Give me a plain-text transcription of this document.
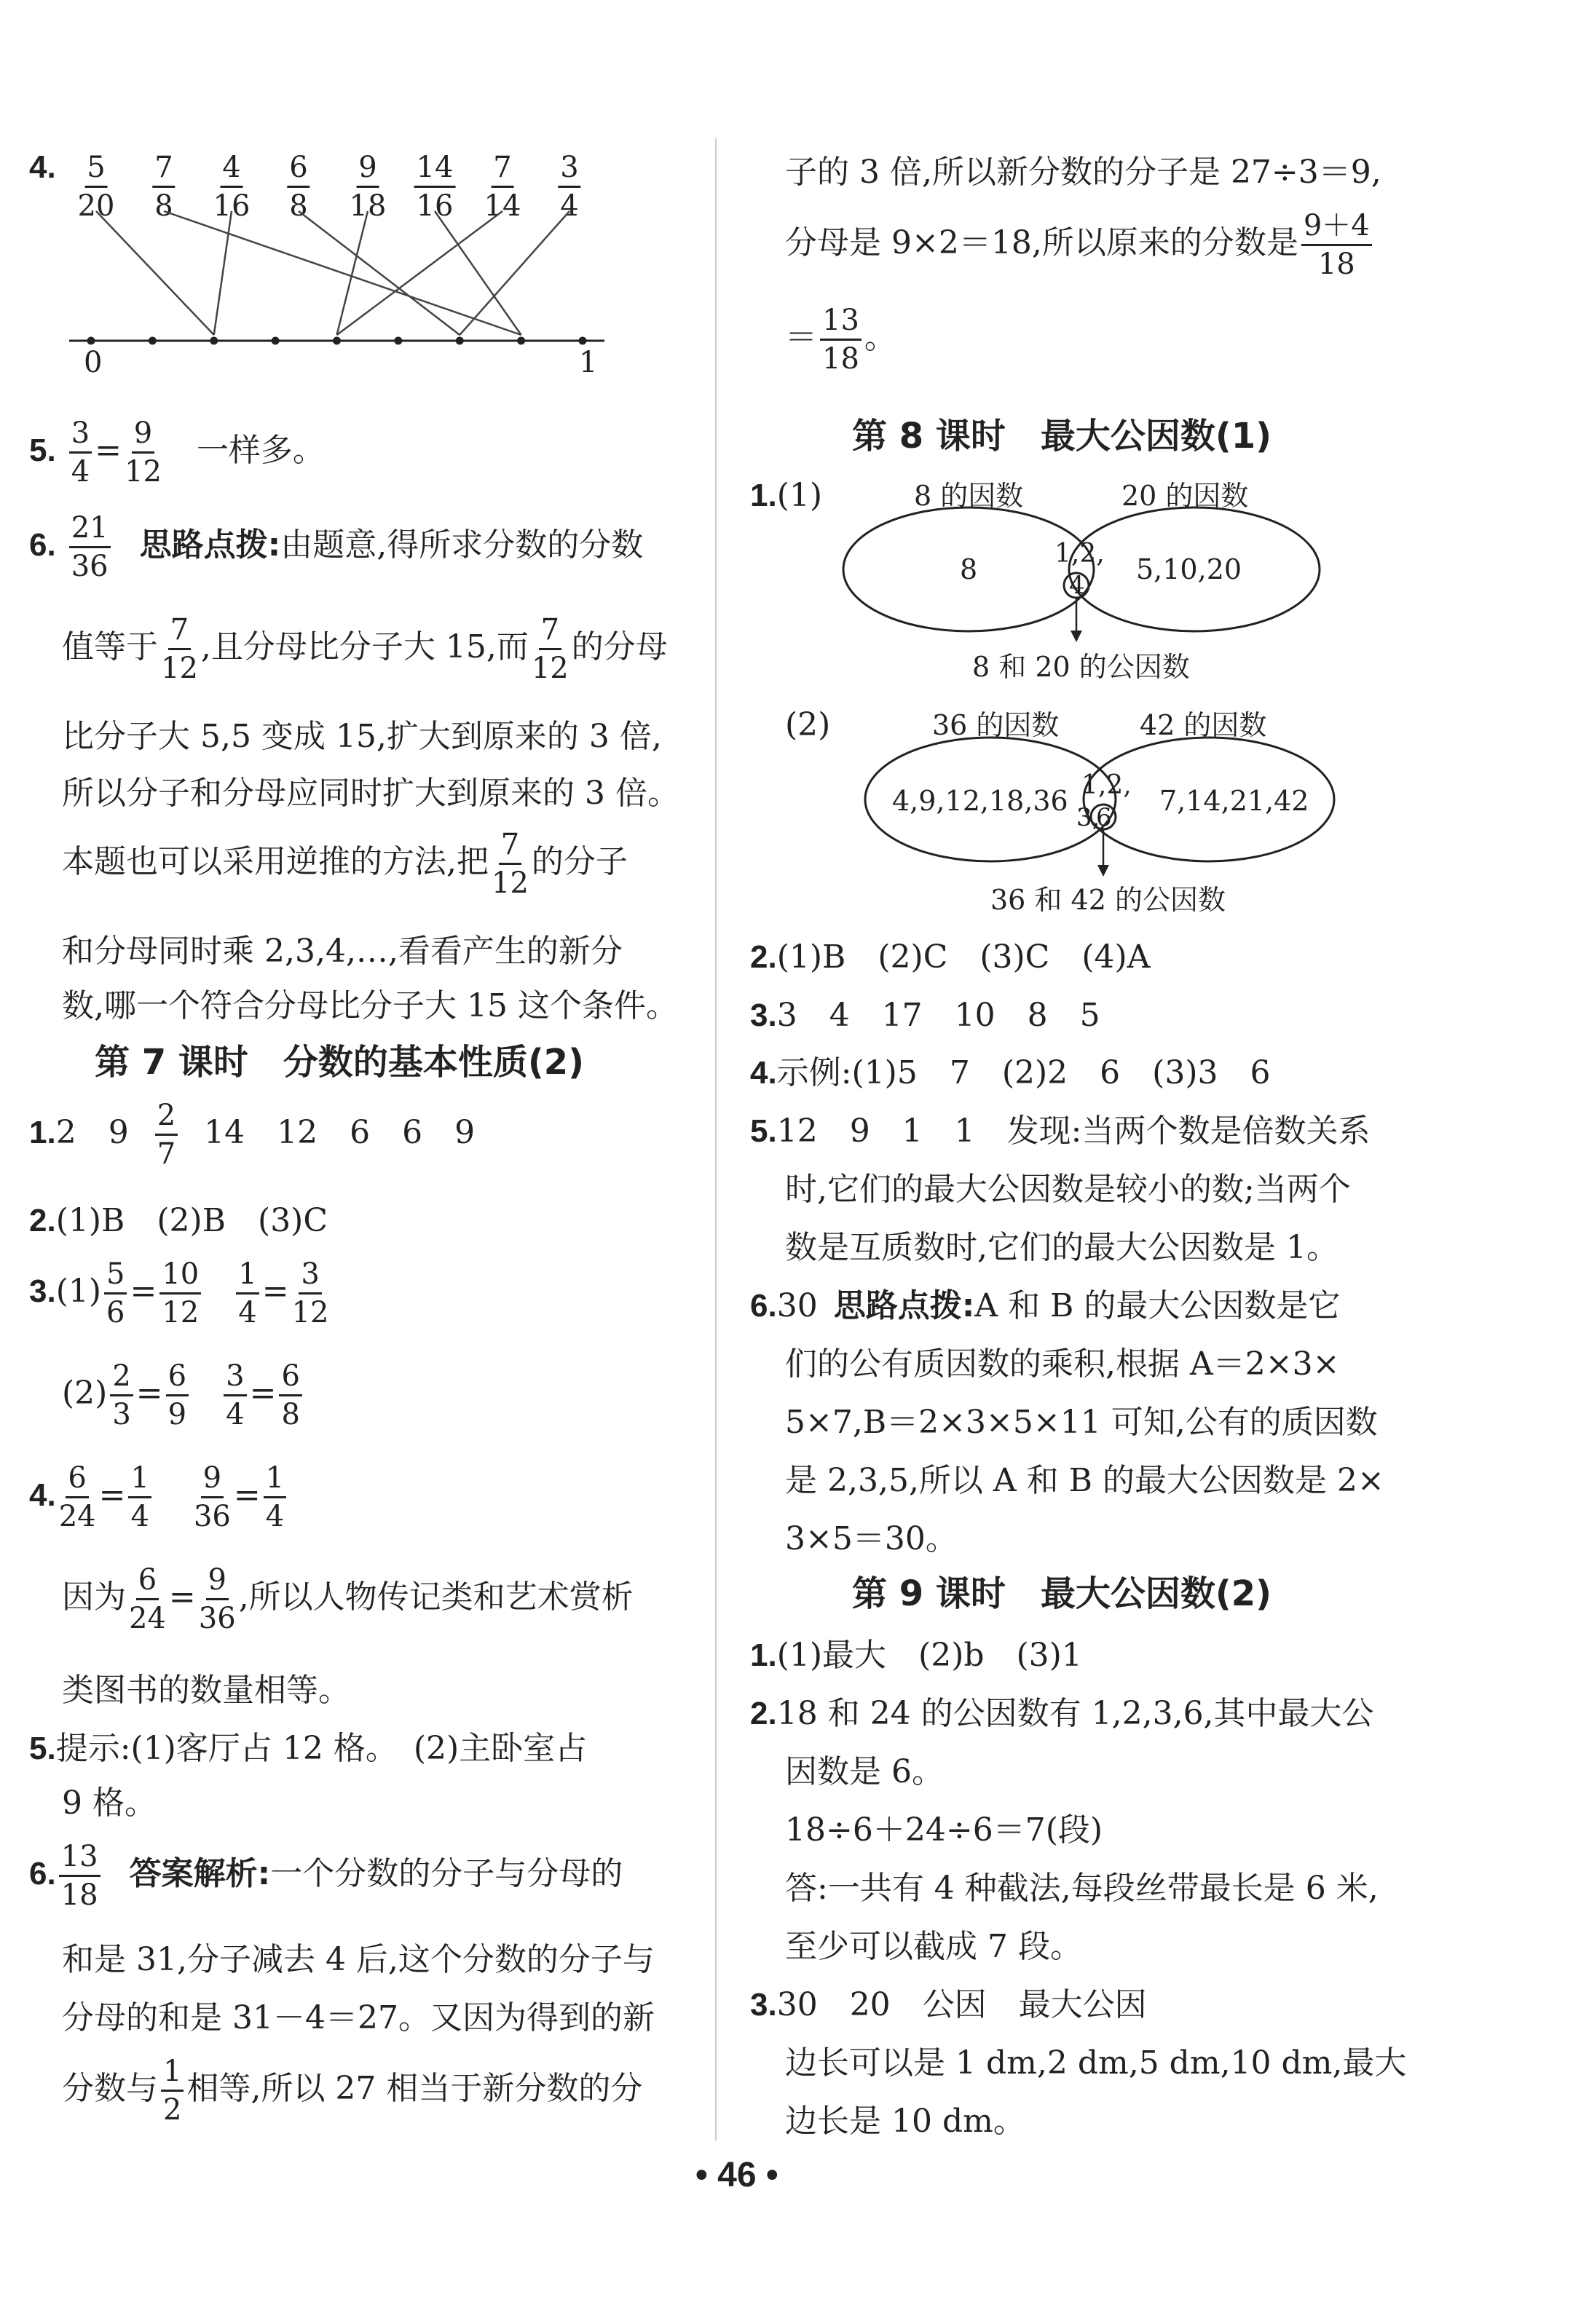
4. 5
20
7
8
4
16
6
8
9
18
14
16
7
14
3
4
0	1
5. $\frac{3}{4} = \frac{9}{12}$ 一样多。
6. $\frac{21}{36}$ 思路点拨:由题意,得所求分数的分数
值等于 $\frac{7}{12}$ ,且分母比分子大 15,而 $\frac{7}{12}$ 的分母
比分子大 5,5 变成 15,扩大到原来的 3 倍,
所以分子和分母应同时扩大到原来的 3 倍。
本题也可以采用逆推的方法,把 $\frac{7}{12}$ 的分子
和分母同时乘 2,3,4,…,看看产生的新分
数,哪一个符合分母比分子大 15 这个条件。
第 7 课时　分数的基本性质(2)
1.2　$9 \frac{2}{7} 14$　12　6　6　9
2.(1)B　(2)B　(3)C
$3.(1) \frac{5}{6} = \frac{10}{12}$
$\frac{1}{4} = \frac{3}{12}$
$(2) \frac{2}{3} = \frac{6}{9}$
$\frac{3}{4} = \frac{6}{8}$
4. $\frac{6}{24} = \frac{1}{4}$
$\frac{9}{36} = \frac{1}{4}$
因为 $\frac{6}{24} = \frac{9}{36}$ ,所以人物传记类和艺术赏析
类图书的数量相等。
5.提示:(1)客厅占 12 格。　(2)主卧室占
9 格。
6. $\frac{13}{18}$ 答案解析:一个分数的分子与分母的
和是 31,分子减去 4 后,这个分数的分子与
分母的和是 31－4＝27。又因为得到的新
分数与 $\frac{1}{2}$ 相等,所以 27 相当于新分数的分
子的 3 倍,所以新分数的分子是 27÷3＝9,
分母是 9×2＝18,所以原来的分数是 $\frac{9+4}{18}$
＝ $\frac{13}{18}$ 。
第 8 课时　最大公因数(1)
1.(1)
(2)
8 的因数	20 的因数
8	1,2,
4 5,10,20
8 和 20 的公因数
36 的因数	42 的因数
4,9,12,18,36 1,2,
3,
6
7,14,21,42
36 和 42 的公因数
2.(1)B　(2)C　(3)C　(4)A
3.3　4　17　10　8　5
4.示例:(1)5　7　(2)2　6　(3)3　6
5.12　9　1　1　发现:当两个数是倍数关系
时,它们的最大公因数是较小的数;当两个
数是互质数时,它们的最大公因数是 1。
6.30 思路点拨:A 和 B 的最大公因数是它
们的公有质因数的乘积,根据 A＝2×3×
5×7,B＝2×3×5×11 可知,公有的质因数
是 2,3,5,所以 A 和 B 的最大公因数是 2×
3×5＝30。
第 9 课时　最大公因数(2)
1.(1)最大　(2)b　(3)1
2.18 和 24 的公因数有 1,2,3,6,其中最大公
因数是 6。
18÷6＋24÷6＝7(段)
答:一共有 4 种截法,每段丝带最长是 6 米,
至少可以截成 7 段。
3.30　20　公因　最大公因
边长可以是 1 dm,2 dm,5 dm,10 dm,最大
边长是 10 dm。
• 46 •
